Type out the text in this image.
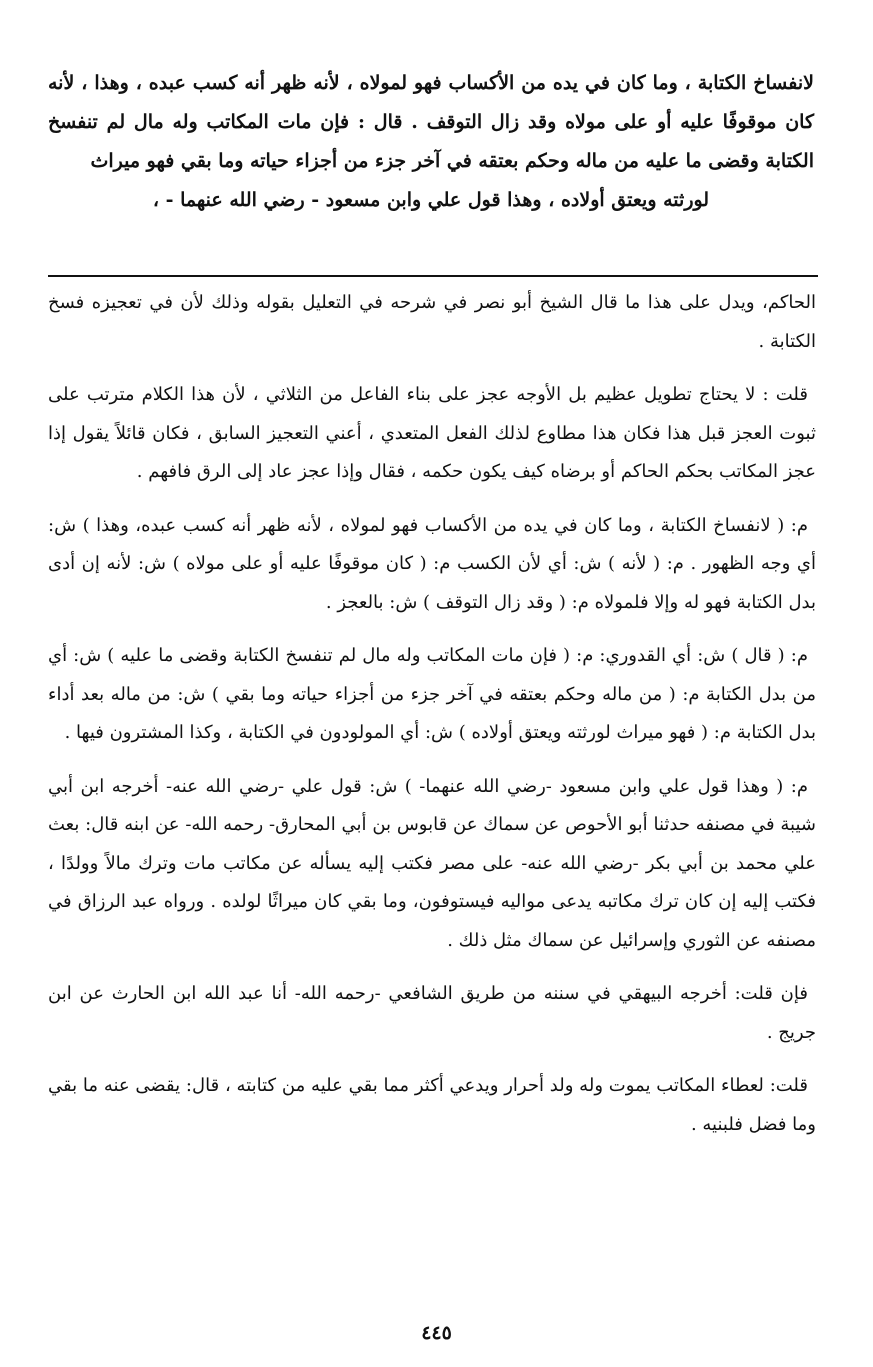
لانفساخ الكتابة ، وما كان في يده من الأكساب فهو لمولاه ، لأنه ظهر أنه كسب عبده ، وهذا ، لأنه كان موقوفًا عليه أو على مولاه وقد زال التوقف . قال : فإن مات المكاتب وله مال لم تنفسخ الكتابة وقضى ما عليه من ماله وحكم بعتقه في آخر جزء من أجزاء حياته وما بقي فهو ميراث
لورثته ويعتق أولاده ، وهذا قول علي وابن مسعود - رضي الله عنهما - ،

الحاكم، ويدل على هذا ما قال الشيخ أبو نصر في شرحه في التعليل بقوله وذلك لأن في تعجيزه فسخ الكتابة .

قلت : لا يحتاج تطويل عظيم بل الأوجه عجز على بناء الفاعل من الثلاثي ، لأن هذا الكلام مترتب على ثبوت العجز قبل هذا فكان هذا مطاوع لذلك الفعل المتعدي ، أعني التعجيز السابق ، فكان قائلاً يقول إذا عجز المكاتب بحكم الحاكم أو برضاه كيف يكون حكمه ، فقال وإذا عجز عاد إلى الرق فافهم .

م: ( لانفساخ الكتابة ، وما كان في يده من الأكساب فهو لمولاه ، لأنه ظهر أنه كسب عبده، وهذا ) ش: أي وجه الظهور . م: ( لأنه ) ش: أي لأن الكسب م: ( كان موقوفًا عليه أو على مولاه ) ش: لأنه إن أدى بدل الكتابة فهو له وإلا فلمولاه م: ( وقد زال التوقف ) ش: بالعجز .

م: ( قال ) ش: أي القدوري: م: ( فإن مات المكاتب وله مال لم تنفسخ الكتابة وقضى ما عليه ) ش: أي من بدل الكتابة م: ( من ماله وحكم بعتقه في آخر جزء من أجزاء حياته وما بقي ) ش: من ماله بعد أداء بدل الكتابة م: ( فهو ميراث لورثته ويعتق أولاده ) ش: أي المولودون في الكتابة ، وكذا المشترون فيها .

م: ( وهذا قول علي وابن مسعود -رضي الله عنهما- ) ش: قول علي -رضي الله عنه- أخرجه ابن أبي شيبة في مصنفه حدثنا أبو الأحوص عن سماك عن قابوس بن أبي المحارق- رحمه الله- عن ابنه قال: بعث علي محمد بن أبي بكر -رضي الله عنه- على مصر فكتب إليه يسأله عن مكاتب مات وترك مالاً وولدًا ، فكتب إليه إن كان ترك مكاتبه يدعى مواليه فيستوفون، وما بقي كان ميراثًا لولده . ورواه عبد الرزاق في مصنفه عن الثوري وإسرائيل عن سماك مثل ذلك .

فإن قلت: أخرجه البيهقي في سننه من طريق الشافعي -رحمه الله- أنا عبد الله ابن الحارث عن ابن جريج .

قلت: لعطاء المكاتب يموت وله ولد أحرار ويدعي أكثر مما بقي عليه من كتابته ، قال: يقضى عنه ما بقي وما فضل فلبنيه .

٤٤٥
